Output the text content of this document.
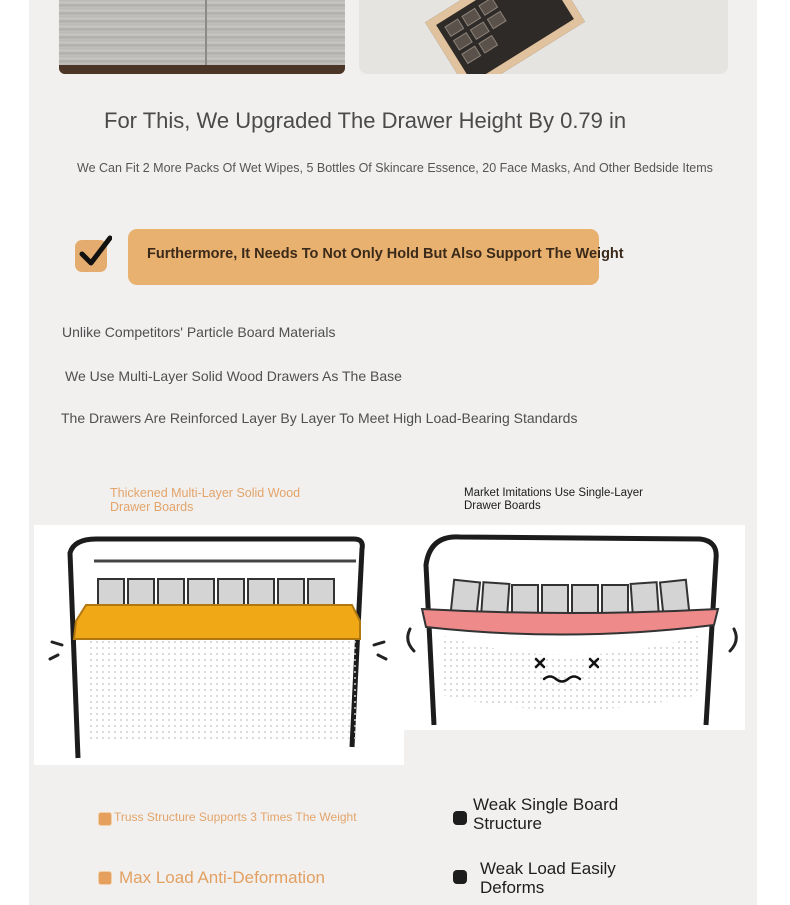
For This, We Upgraded The Drawer Height By 0.79 in
We Can Fit 2 More Packs Of Wet Wipes, 5 Bottles Of Skincare Essence, 20 Face Masks, And Other Bedside Items
Furthermore, It Needs To Not Only Hold But Also Support The Weight
Unlike Competitors' Particle Board Materials
We Use Multi-Layer Solid Wood Drawers As The Base
The Drawers Are Reinforced Layer By Layer To Meet High Load-Bearing Standards
Thickened Multi-Layer Solid Wood Drawer Boards
Market Imitations Use Single-Layer Drawer Boards
Truss Structure Supports 3 Times The Weight
Max Load Anti-Deformation
Weak Single Board Structure
Weak Load Easily Deforms
